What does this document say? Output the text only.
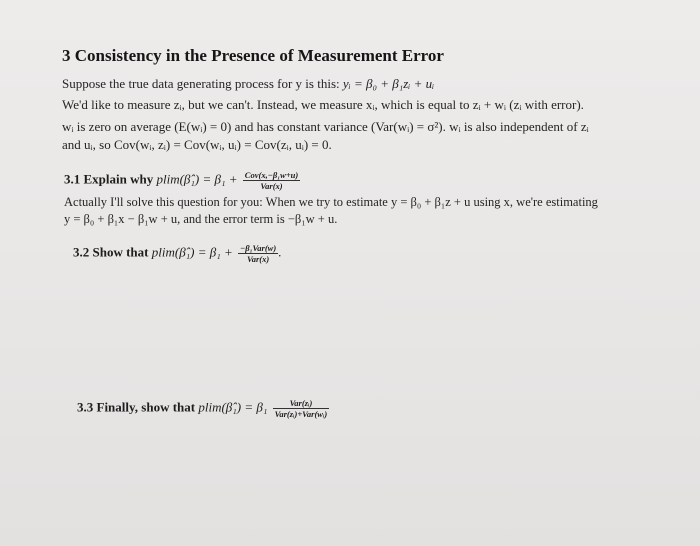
3 Consistency in the Presence of Measurement Error
Suppose the true data generating process for y is this: yᵢ = β₀ + β₁zᵢ + uᵢ
We'd like to measure zᵢ, but we can't. Instead, we measure xᵢ, which is equal to zᵢ + wᵢ (zᵢ with error).
wᵢ is zero on average (E(wᵢ) = 0) and has constant variance (Var(wᵢ) = σ²). wᵢ is also independent of zᵢ
and uᵢ, so Cov(wᵢ, zᵢ) = Cov(wᵢ, uᵢ) = Cov(zᵢ, uᵢ) = 0.
3.1 Explain why plim(β̂₁) = $\beta_1 + \frac{\text{Cov(x,−β₁w+u)}}{\text{Var(x)}}$
Actually I'll solve this question for you: When we try to estimate y = β₀ + β₁z + u using x, we're estimating
y = β₀ + β₁x − β₁w + u, and the error term is −β₁w + u.
3.2 Show that plim(β̂₁) = $\beta_1 + \frac{\text{−β₁Var(w)}}{\text{Var(x)}}$ .
3.3 Finally, show that plim(β̂₁) = $\beta_1 \frac{\text{Var(zᵢ)}}{\text{Var(zᵢ)+Var(wᵢ)}}$
